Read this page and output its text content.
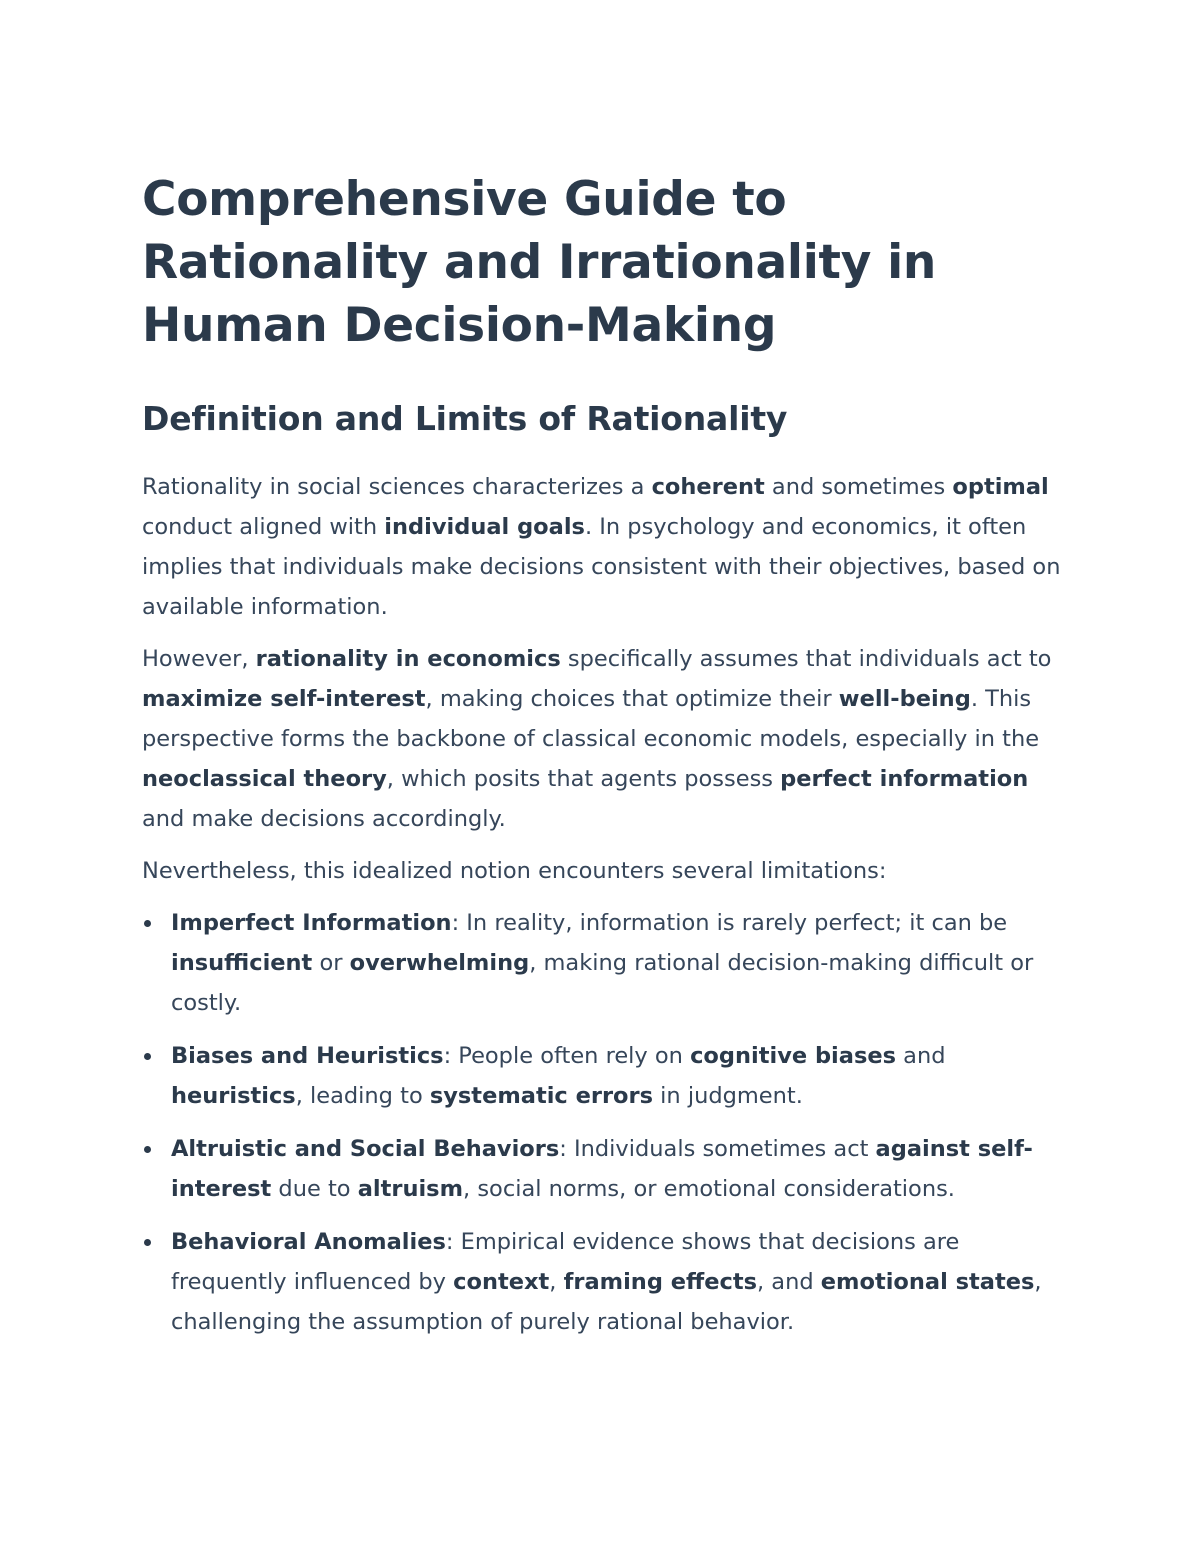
Comprehensive Guide to Rationality and Irrationality in Human Decision-Making
Definition and Limits of Rationality

Rationality in social sciences characterizes a coherent and sometimes optimal conduct aligned with individual goals. In psychology and economics, it often implies that individuals make decisions consistent with their objectives, based on available information.

However, rationality in economics specifically assumes that individuals act to maximize self-interest, making choices that optimize their well-being. This perspective forms the backbone of classical economic models, especially in the neoclassical theory, which posits that agents possess perfect information and make decisions accordingly.

Nevertheless, this idealized notion encounters several limitations:

Imperfect Information: In reality, information is rarely perfect; it can be insufficient or overwhelming, making rational decision-making difficult or costly.
Biases and Heuristics: People often rely on cognitive biases and heuristics, leading to systematic errors in judgment.
Altruistic and Social Behaviors: Individuals sometimes act against self-interest due to altruism, social norms, or emotional considerations.
Behavioral Anomalies: Empirical evidence shows that decisions are frequently influenced by context, framing effects, and emotional states, challenging the assumption of purely rational behavior.
